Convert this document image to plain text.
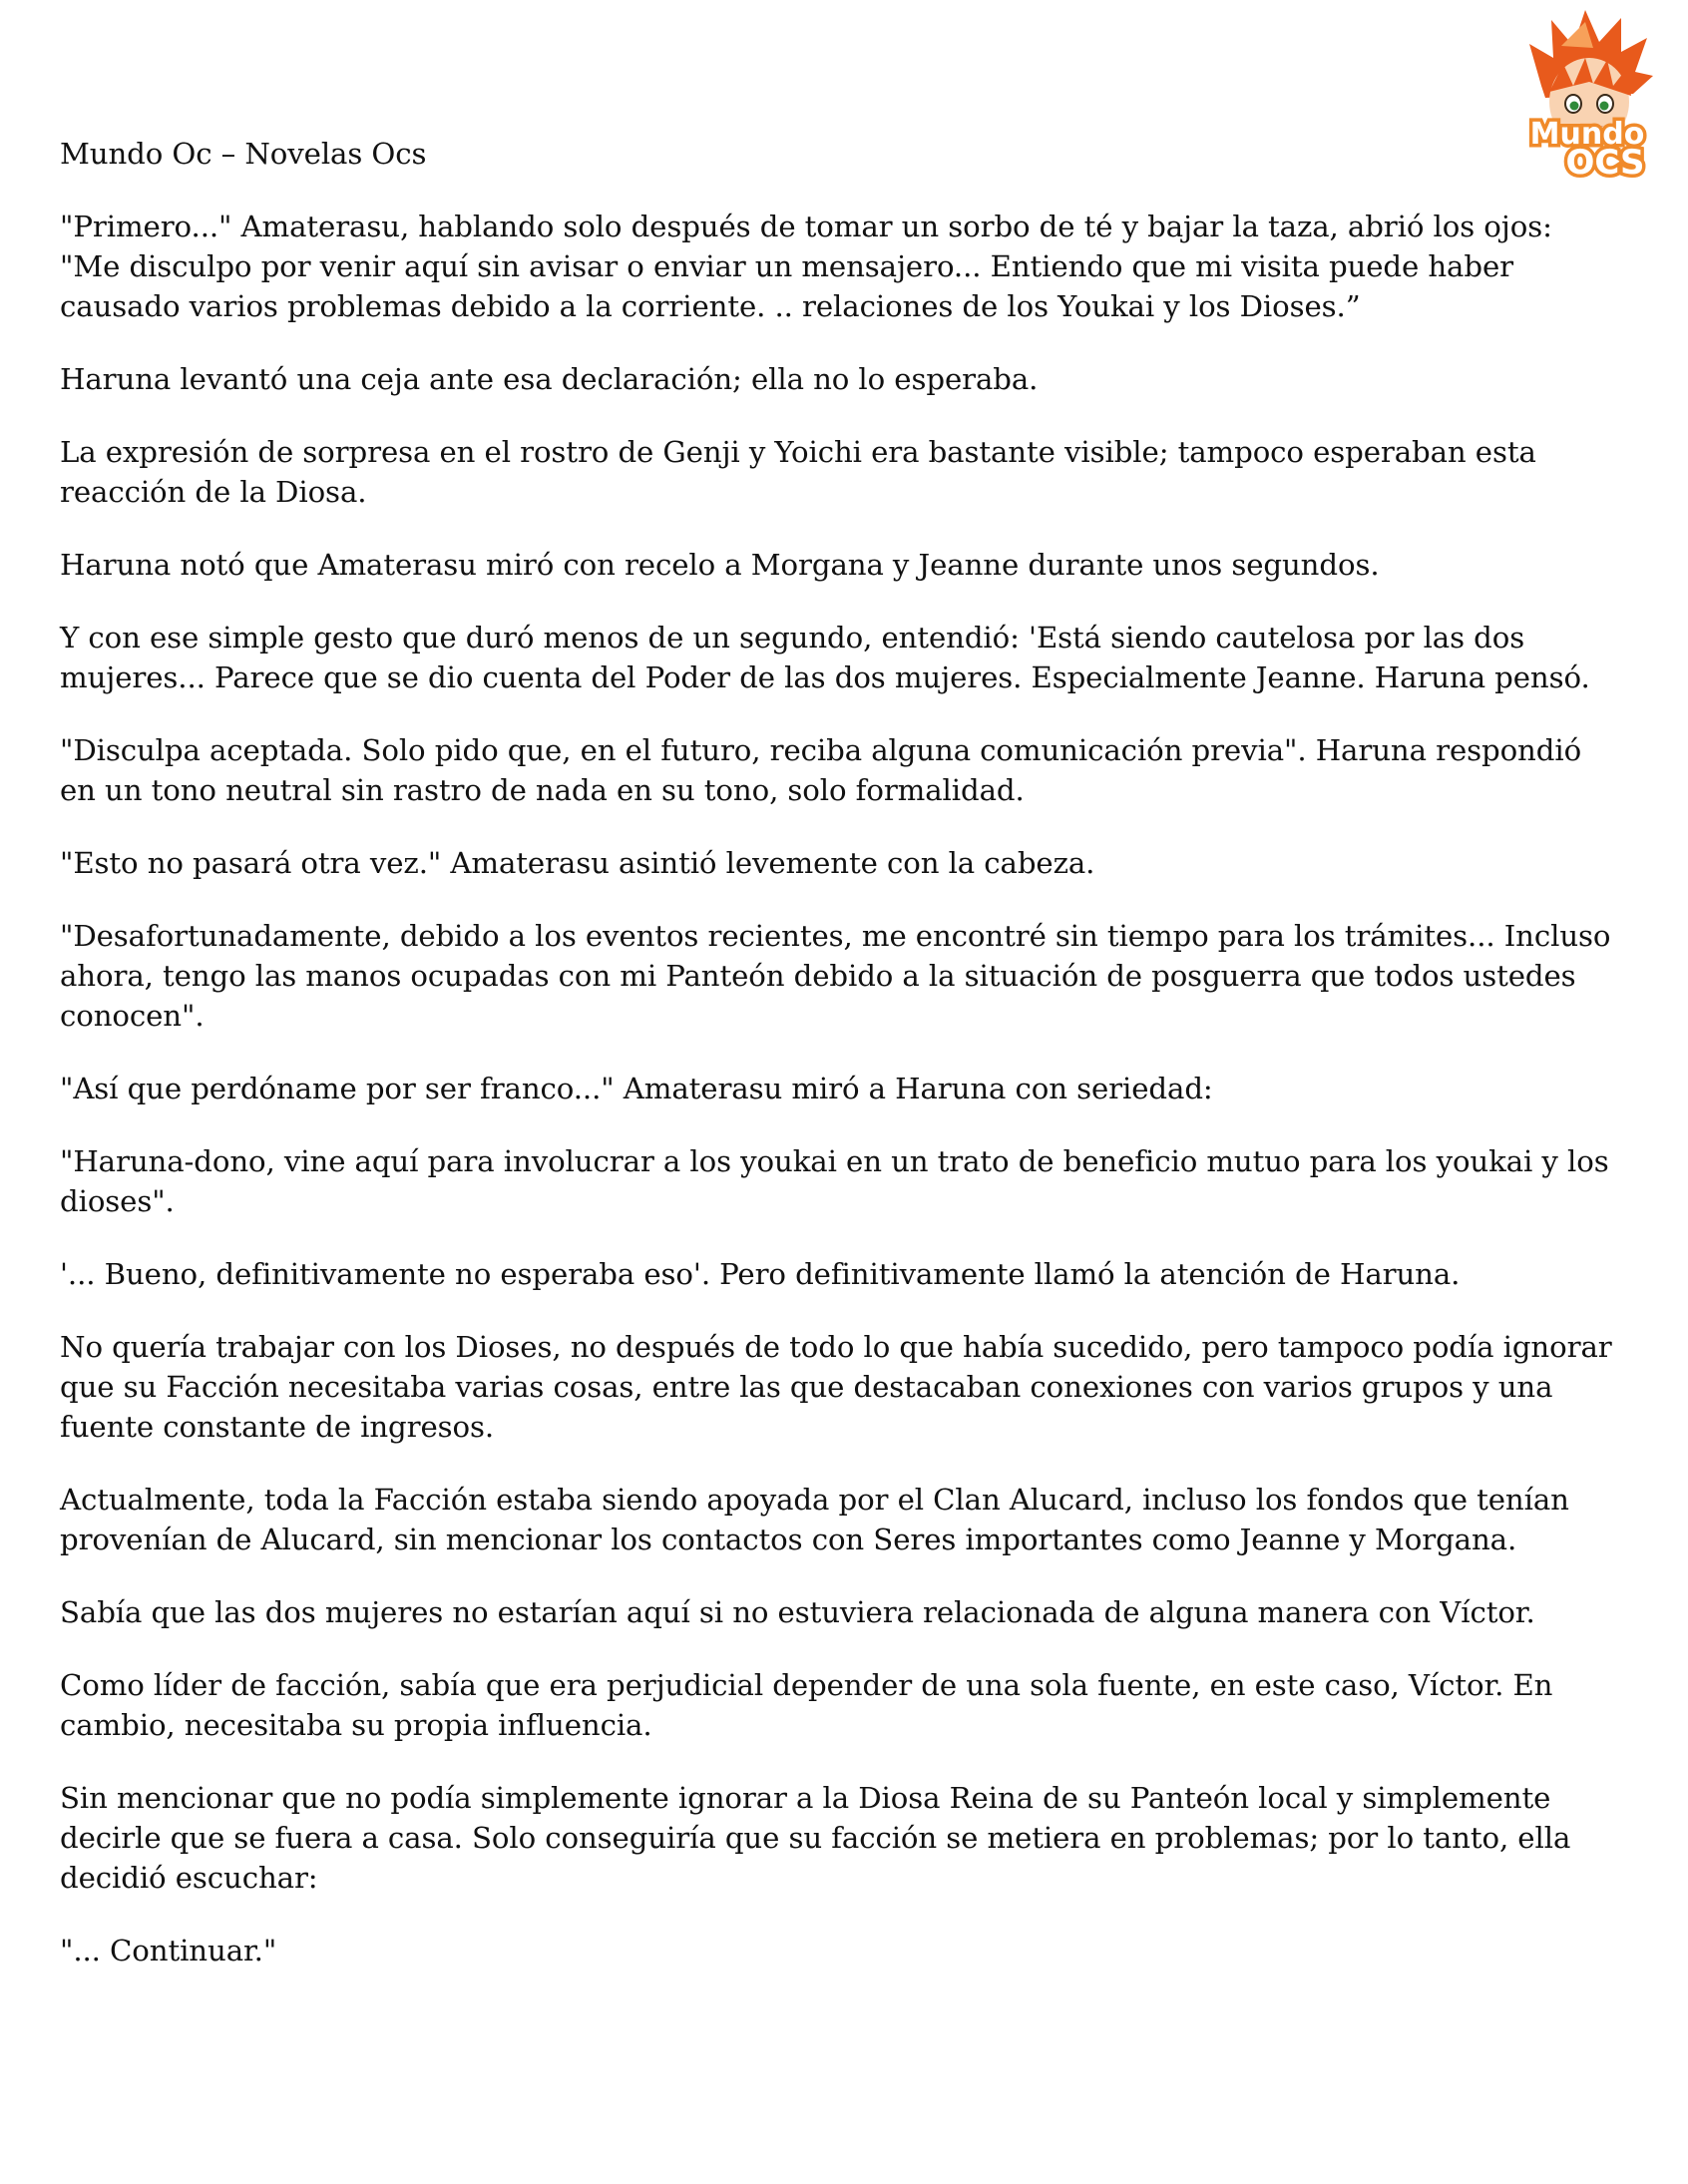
Mundo
OCS

Mundo Oc – Novelas Ocs

"Primero..." Amaterasu, hablando solo después de tomar un sorbo de té y bajar la taza, abrió los ojos: "Me disculpo por venir aquí sin avisar o enviar un mensajero... Entiendo que mi visita puede haber causado varios problemas debido a la corriente. .. relaciones de los Youkai y los Dioses.”

Haruna levantó una ceja ante esa declaración; ella no lo esperaba.

La expresión de sorpresa en el rostro de Genji y Yoichi era bastante visible; tampoco esperaban esta reacción de la Diosa.

Haruna notó que Amaterasu miró con recelo a Morgana y Jeanne durante unos segundos.

Y con ese simple gesto que duró menos de un segundo, entendió: 'Está siendo cautelosa por las dos mujeres... Parece que se dio cuenta del Poder de las dos mujeres. Especialmente Jeanne. Haruna pensó.

"Disculpa aceptada. Solo pido que, en el futuro, reciba alguna comunicación previa". Haruna respondió en un tono neutral sin rastro de nada en su tono, solo formalidad.

"Esto no pasará otra vez." Amaterasu asintió levemente con la cabeza.

"Desafortunadamente, debido a los eventos recientes, me encontré sin tiempo para los trámites... Incluso ahora, tengo las manos ocupadas con mi Panteón debido a la situación de posguerra que todos ustedes conocen".

"Así que perdóname por ser franco..." Amaterasu miró a Haruna con seriedad:

"Haruna-dono, vine aquí para involucrar a los youkai en un trato de beneficio mutuo para los youkai y los dioses".

'... Bueno, definitivamente no esperaba eso'. Pero definitivamente llamó la atención de Haruna.

No quería trabajar con los Dioses, no después de todo lo que había sucedido, pero tampoco podía ignorar que su Facción necesitaba varias cosas, entre las que destacaban conexiones con varios grupos y una fuente constante de ingresos.

Actualmente, toda la Facción estaba siendo apoyada por el Clan Alucard, incluso los fondos que tenían provenían de Alucard, sin mencionar los contactos con Seres importantes como Jeanne y Morgana.

Sabía que las dos mujeres no estarían aquí si no estuviera relacionada de alguna manera con Víctor.

Como líder de facción, sabía que era perjudicial depender de una sola fuente, en este caso, Víctor. En cambio, necesitaba su propia influencia.

Sin mencionar que no podía simplemente ignorar a la Diosa Reina de su Panteón local y simplemente decirle que se fuera a casa. Solo conseguiría que su facción se metiera en problemas; por lo tanto, ella decidió escuchar:

"... Continuar."
